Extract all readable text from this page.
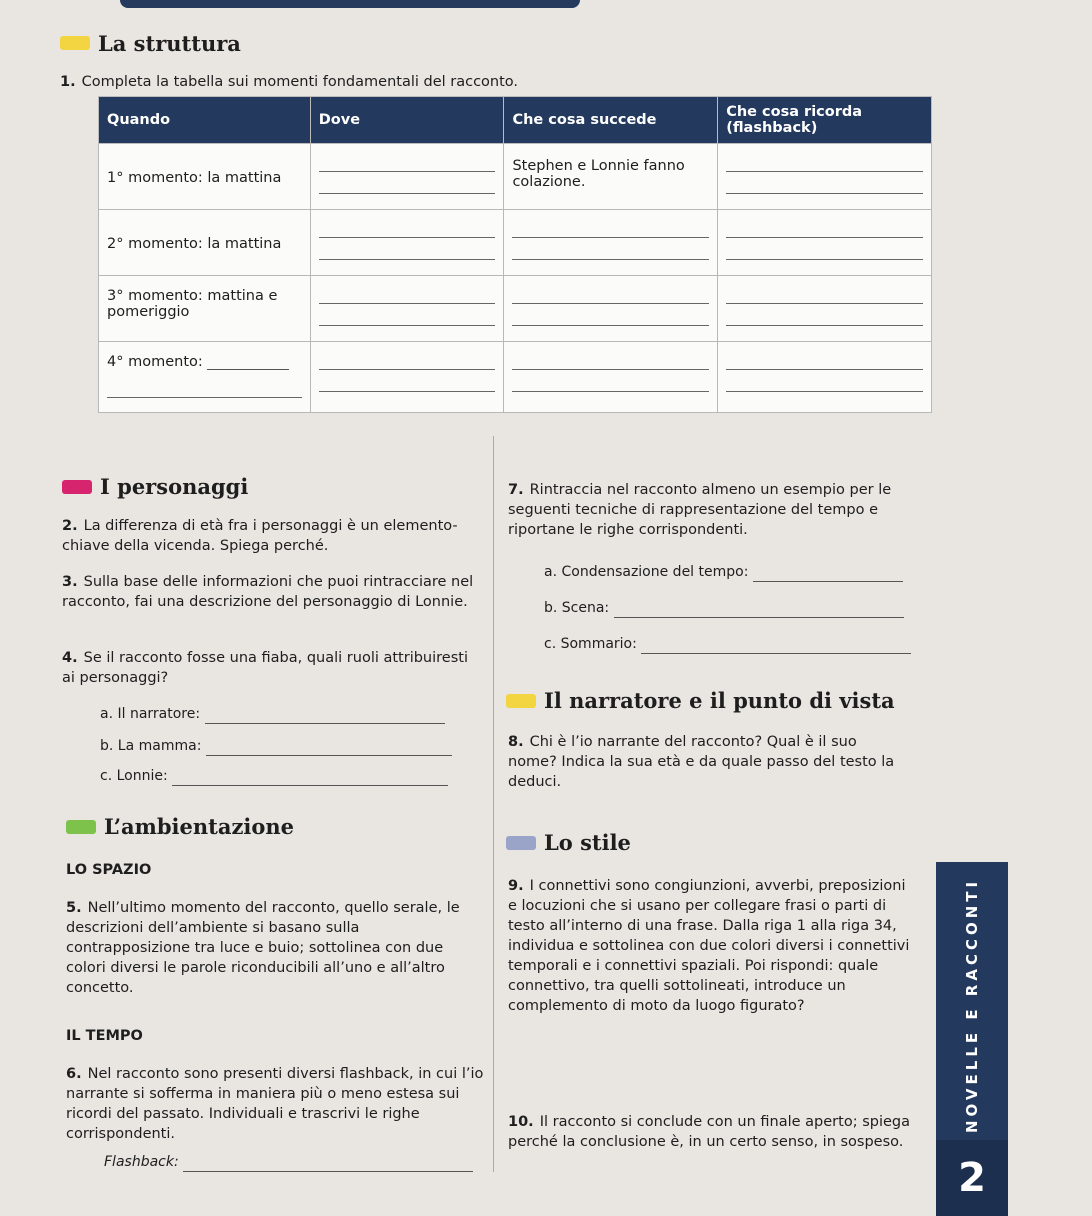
La struttura
1. Completa la tabella sui momenti fondamentali del racconto.
Quando	Dove	Che cosa succede	Che cosa ricorda (flashback)
1° momento: la mattina		Stephen e Lonnie fanno colazione.	

2° momento: la mattina	

3° momento: mattina e pomeriggio	

4° momento:

I personaggi
2. La differenza di età fra i personaggi è un elemento-chiave della vicenda. Spiega perché.
3. Sulla base delle informazioni che puoi rintracciare nel racconto, fai una descrizione del personaggio di Lonnie.
4. Se il racconto fosse una fiaba, quali ruoli attribuiresti ai personaggi?
a. Il narratore:
b. La mamma:
c. Lonnie:
L’ambientazione
LO SPAZIO
5. Nell’ultimo momento del racconto, quello serale, le descrizioni dell’ambiente si basano sulla contrapposizione tra luce e buio; sottolinea con due colori diversi le parole riconducibili all’uno e all’altro concetto.
IL TEMPO
6. Nel racconto sono presenti diversi flashback, in cui l’io narrante si sofferma in maniera più o meno estesa sui ricordi del passato. Individuali e trascrivi le righe corrispondenti.
Flashback:
7. Rintraccia nel racconto almeno un esempio per le seguenti tecniche di rappresentazione del tempo e riportane le righe corrispondenti.
a. Condensazione del tempo:
b. Scena:
c. Sommario:
Il narratore e il punto di vista
8. Chi è l’io narrante del racconto? Qual è il suo nome? Indica la sua età e da quale passo del testo la deduci.
Lo stile
9. I connettivi sono congiunzioni, avverbi, preposizioni e locuzioni che si usano per collegare frasi o parti di testo all’interno di una frase. Dalla riga 1 alla riga 34, individua e sottolinea con due colori diversi i connettivi temporali e i connettivi spaziali. Poi rispondi: quale connettivo, tra quelli sottolineati, introduce un complemento di moto da luogo figurato?
10. Il racconto si conclude con un finale aperto; spiega perché la conclusione è, in un certo senso, in sospeso.
NOVELLE E RACCONTI
2
